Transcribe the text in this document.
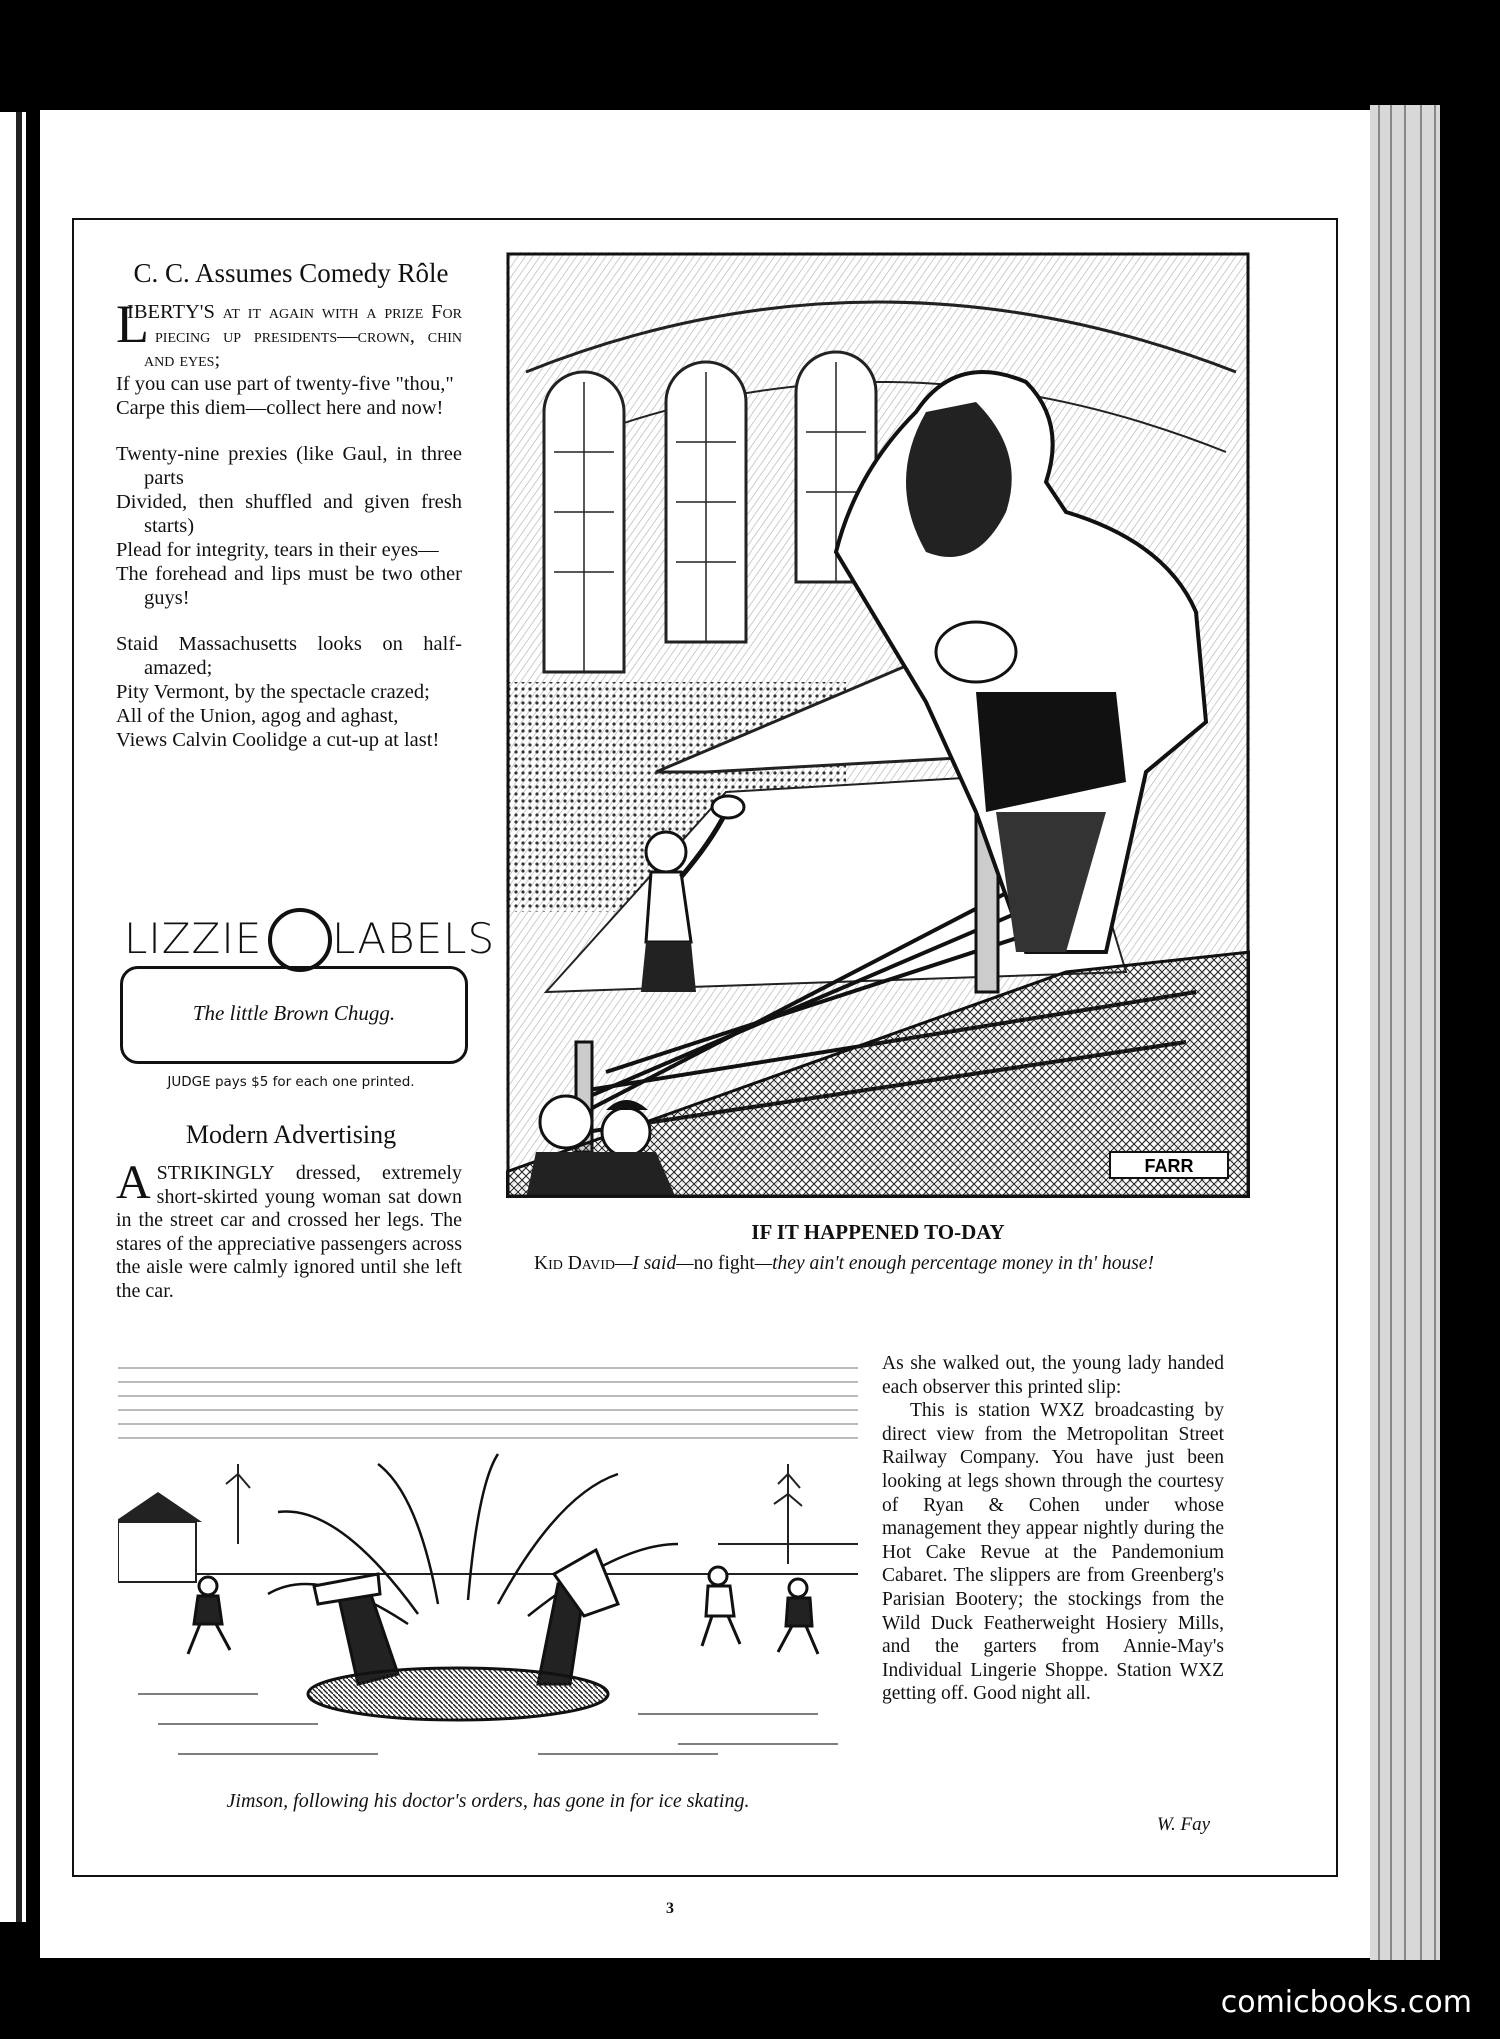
C. C. Assumes Comedy Rôle

L
IBERTY'S at it again with a prize For piecing up presidents—crown, chin and eyes;

If you can use part of twenty-five "thou,"

Carpe this diem—collect here and now!

Twenty-nine prexies (like Gaul, in three parts

Divided, then shuffled and given fresh starts)

Plead for integrity, tears in their eyes—

The forehead and lips must be two other guys!

Staid Massachusetts looks on half-amazed;

Pity Vermont, by the spectacle crazed;

All of the Union, agog and aghast,

Views Calvin Coolidge a cut-up at last!

LIZZIE LABELS
The little Brown Chugg.
JUDGE pays $5 for each one printed.
Modern Advertising
ASTRIKINGLY dressed, extremely short-skirted young woman sat down in the street car and crossed her legs. The stares of the appreciative passengers across the aisle were calmly ignored until she left the car.
FARR
IF IT HAPPENED TO-DAY
Kid David—I said—no fight—they ain't enough percentage money in th' house!
Jimson, following his doctor's orders, has gone in for ice skating.

As she walked out, the young lady handed each observer this printed slip:

This is station WXZ broadcasting by direct view from the Metropolitan Street Railway Company. You have just been looking at legs shown through the courtesy of Ryan & Cohen under whose management they appear nightly during the Hot Cake Revue at the Pandemonium Cabaret. The slippers are from Greenberg's Parisian Bootery; the stockings from the Wild Duck Featherweight Hosiery Mills, and the garters from Annie-May's Individual Lingerie Shoppe. Station WXZ getting off. Good night all.

W. Fay
3
comicbooks.com
